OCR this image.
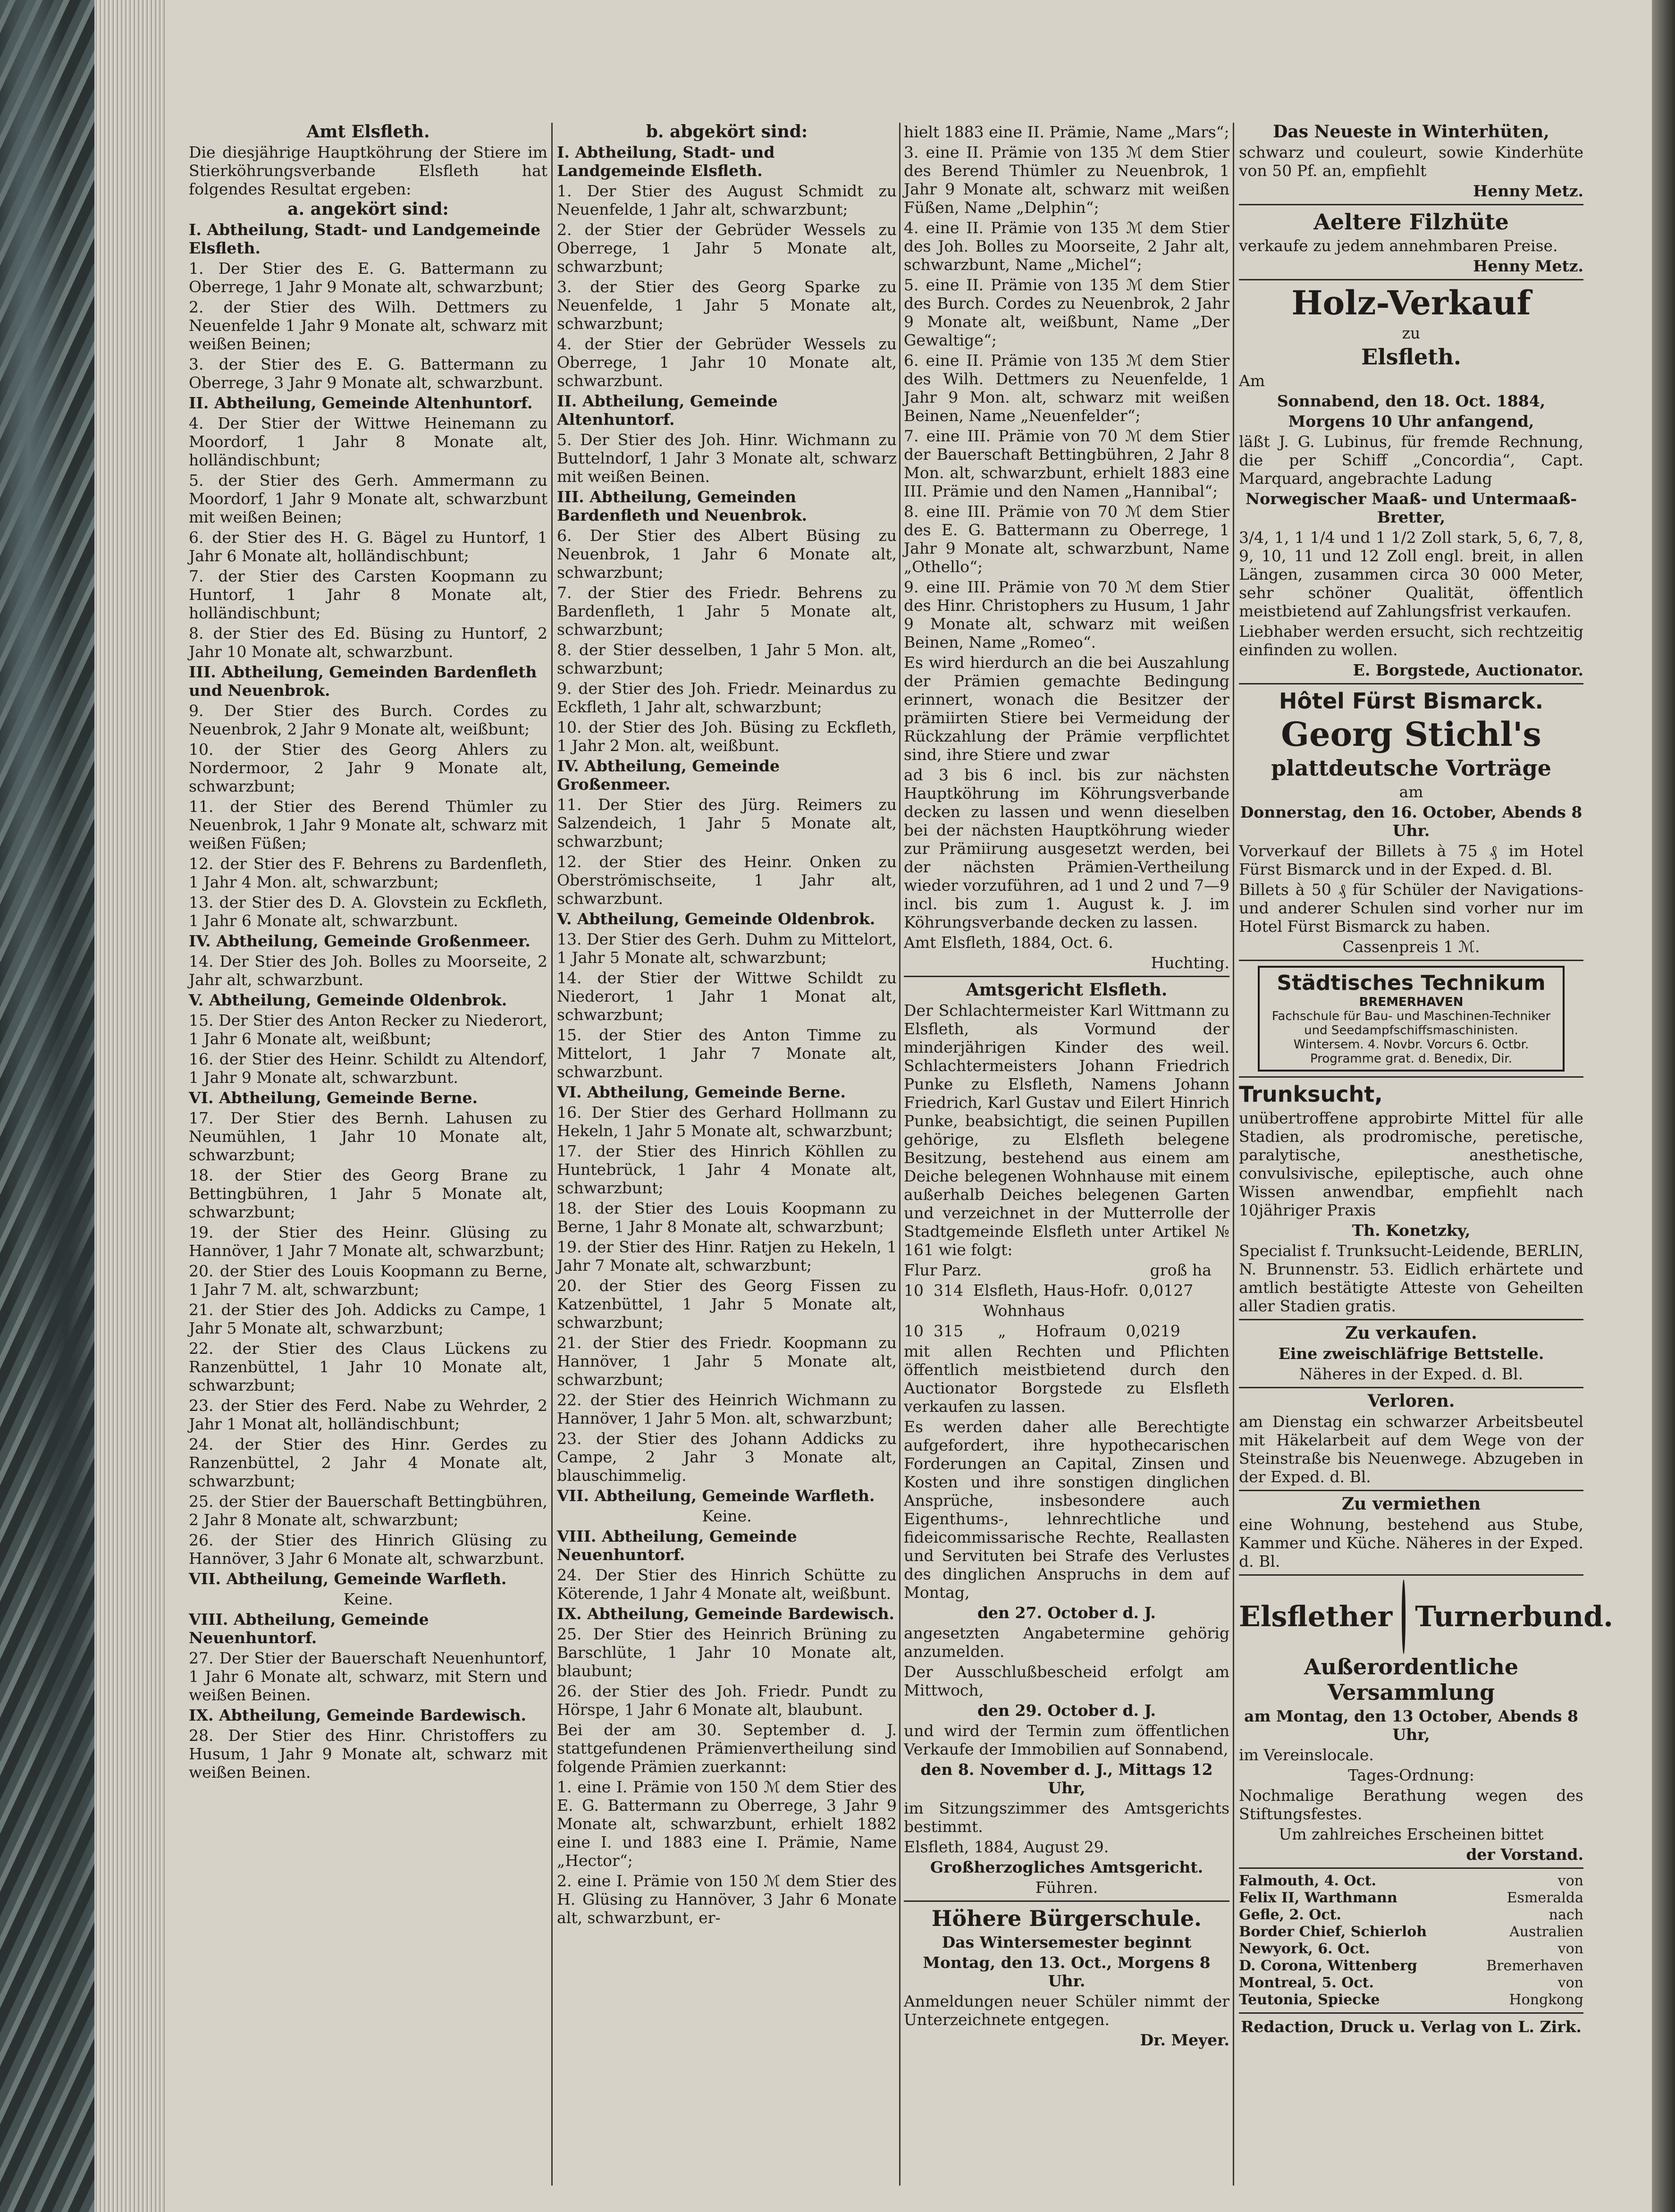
Amt Elsfleth.

Die diesjährige Hauptköhrung der Stiere im Stierköhrungsverbande Elsfleth hat folgendes Resultat ergeben:

a. angekört sind:

I. Abtheilung, Stadt- und Landgemeinde Elsfleth.

1. Der Stier des E. G. Battermann zu Oberrege, 1 Jahr 9 Monate alt, schwarzbunt;

2. der Stier des Wilh. Dettmers zu Neuenfelde 1 Jahr 9 Monate alt, schwarz mit weißen Beinen;

3. der Stier des E. G. Battermann zu Oberrege, 3 Jahr 9 Monate alt, schwarzbunt.

II. Abtheilung, Gemeinde Altenhuntorf.

4. Der Stier der Wittwe Heinemann zu Moordorf, 1 Jahr 8 Monate alt, holländischbunt;

5. der Stier des Gerh. Ammermann zu Moordorf, 1 Jahr 9 Monate alt, schwarzbunt mit weißen Beinen;

6. der Stier des H. G. Bägel zu Huntorf, 1 Jahr 6 Monate alt, holländischbunt;

7. der Stier des Carsten Koopmann zu Huntorf, 1 Jahr 8 Monate alt, holländischbunt;

8. der Stier des Ed. Büsing zu Huntorf, 2 Jahr 10 Monate alt, schwarzbunt.

III. Abtheilung, Gemeinden Bardenfleth und Neuenbrok.

9. Der Stier des Burch. Cordes zu Neuenbrok, 2 Jahr 9 Monate alt, weißbunt;

10. der Stier des Georg Ahlers zu Nordermoor, 2 Jahr 9 Monate alt, schwarzbunt;

11. der Stier des Berend Thümler zu Neuenbrok, 1 Jahr 9 Monate alt, schwarz mit weißen Füßen;

12. der Stier des F. Behrens zu Bardenfleth, 1 Jahr 4 Mon. alt, schwarzbunt;

13. der Stier des D. A. Glovstein zu Eckfleth, 1 Jahr 6 Monate alt, schwarzbunt.

IV. Abtheilung, Gemeinde Großenmeer.

14. Der Stier des Joh. Bolles zu Moorseite, 2 Jahr alt, schwarzbunt.

V. Abtheilung, Gemeinde Oldenbrok.

15. Der Stier des Anton Recker zu Niederort, 1 Jahr 6 Monate alt, weißbunt;

16. der Stier des Heinr. Schildt zu Altendorf, 1 Jahr 9 Monate alt, schwarzbunt.

VI. Abtheilung, Gemeinde Berne.

17. Der Stier des Bernh. Lahusen zu Neumühlen, 1 Jahr 10 Monate alt, schwarzbunt;

18. der Stier des Georg Brane zu Bettingbühren, 1 Jahr 5 Monate alt, schwarzbunt;

19. der Stier des Heinr. Glüsing zu Hannöver, 1 Jahr 7 Monate alt, schwarzbunt;

20. der Stier des Louis Koopmann zu Berne, 1 Jahr 7 M. alt, schwarzbunt;

21. der Stier des Joh. Addicks zu Campe, 1 Jahr 5 Monate alt, schwarzbunt;

22. der Stier des Claus Lückens zu Ranzenbüttel, 1 Jahr 10 Monate alt, schwarzbunt;

23. der Stier des Ferd. Nabe zu Wehrder, 2 Jahr 1 Monat alt, holländischbunt;

24. der Stier des Hinr. Gerdes zu Ranzenbüttel, 2 Jahr 4 Monate alt, schwarzbunt;

25. der Stier der Bauerschaft Bettingbühren, 2 Jahr 8 Monate alt, schwarzbunt;

26. der Stier des Hinrich Glüsing zu Hannöver, 3 Jahr 6 Monate alt, schwarzbunt.

VII. Abtheilung, Gemeinde Warfleth.

Keine.

VIII. Abtheilung, Gemeinde Neuenhuntorf.

27. Der Stier der Bauerschaft Neuenhuntorf, 1 Jahr 6 Monate alt, schwarz, mit Stern und weißen Beinen.

IX. Abtheilung, Gemeinde Bardewisch.

28. Der Stier des Hinr. Christoffers zu Husum, 1 Jahr 9 Monate alt, schwarz mit weißen Beinen.

b. abgekört sind:

I. Abtheilung, Stadt- und Landgemeinde Elsfleth.

1. Der Stier des August Schmidt zu Neuenfelde, 1 Jahr alt, schwarzbunt;

2. der Stier der Gebrüder Wessels zu Oberrege, 1 Jahr 5 Monate alt, schwarzbunt;

3. der Stier des Georg Sparke zu Neuenfelde, 1 Jahr 5 Monate alt, schwarzbunt;

4. der Stier der Gebrüder Wessels zu Oberrege, 1 Jahr 10 Monate alt, schwarzbunt.

II. Abtheilung, Gemeinde Altenhuntorf.

5. Der Stier des Joh. Hinr. Wichmann zu Buttelndorf, 1 Jahr 3 Monate alt, schwarz mit weißen Beinen.

III. Abtheilung, Gemeinden Bardenfleth und Neuenbrok.

6. Der Stier des Albert Büsing zu Neuenbrok, 1 Jahr 6 Monate alt, schwarzbunt;

7. der Stier des Friedr. Behrens zu Bardenfleth, 1 Jahr 5 Monate alt, schwarzbunt;

8. der Stier desselben, 1 Jahr 5 Mon. alt, schwarzbunt;

9. der Stier des Joh. Friedr. Meinardus zu Eckfleth, 1 Jahr alt, schwarzbunt;

10. der Stier des Joh. Büsing zu Eckfleth, 1 Jahr 2 Mon. alt, weißbunt.

IV. Abtheilung, Gemeinde Großenmeer.

11. Der Stier des Jürg. Reimers zu Salzendeich, 1 Jahr 5 Monate alt, schwarzbunt;

12. der Stier des Heinr. Onken zu Oberströmischseite, 1 Jahr alt, schwarzbunt.

V. Abtheilung, Gemeinde Oldenbrok.

13. Der Stier des Gerh. Duhm zu Mittelort, 1 Jahr 5 Monate alt, schwarzbunt;

14. der Stier der Wittwe Schildt zu Niederort, 1 Jahr 1 Monat alt, schwarzbunt;

15. der Stier des Anton Timme zu Mittelort, 1 Jahr 7 Monate alt, schwarzbunt.

VI. Abtheilung, Gemeinde Berne.

16. Der Stier des Gerhard Hollmann zu Hekeln, 1 Jahr 5 Monate alt, schwarzbunt;

17. der Stier des Hinrich Köhllen zu Huntebrück, 1 Jahr 4 Monate alt, schwarzbunt;

18. der Stier des Louis Koopmann zu Berne, 1 Jahr 8 Monate alt, schwarzbunt;

19. der Stier des Hinr. Ratjen zu Hekeln, 1 Jahr 7 Monate alt, schwarzbunt;

20. der Stier des Georg Fissen zu Katzenbüttel, 1 Jahr 5 Monate alt, schwarzbunt;

21. der Stier des Friedr. Koopmann zu Hannöver, 1 Jahr 5 Monate alt, schwarzbunt;

22. der Stier des Heinrich Wichmann zu Hannöver, 1 Jahr 5 Mon. alt, schwarzbunt;

23. der Stier des Johann Addicks zu Campe, 2 Jahr 3 Monate alt, blauschimmelig.

VII. Abtheilung, Gemeinde Warfleth.

Keine.

VIII. Abtheilung, Gemeinde Neuenhuntorf.

24. Der Stier des Hinrich Schütte zu Köterende, 1 Jahr 4 Monate alt, weißbunt.

IX. Abtheilung, Gemeinde Bardewisch.

25. Der Stier des Heinrich Brüning zu Barschlüte, 1 Jahr 10 Monate alt, blaubunt;

26. der Stier des Joh. Friedr. Pundt zu Hörspe, 1 Jahr 6 Monate alt, blaubunt.

Bei der am 30. September d. J. stattgefundenen Prämienvertheilung sind folgende Prämien zuerkannt:

1. eine I. Prämie von 150 ℳ dem Stier des E. G. Battermann zu Oberrege, 3 Jahr 9 Monate alt, schwarzbunt, erhielt 1882 eine I. und 1883 eine I. Prämie, Name „Hector“;

2. eine I. Prämie von 150 ℳ dem Stier des H. Glüsing zu Hannöver, 3 Jahr 6 Monate alt, schwarzbunt, er-

hielt 1883 eine II. Prämie, Name „Mars“;

3. eine II. Prämie von 135 ℳ dem Stier des Berend Thümler zu Neuenbrok, 1 Jahr 9 Monate alt, schwarz mit weißen Füßen, Name „Delphin“;

4. eine II. Prämie von 135 ℳ dem Stier des Joh. Bolles zu Moorseite, 2 Jahr alt, schwarzbunt, Name „Michel“;

5. eine II. Prämie von 135 ℳ dem Stier des Burch. Cordes zu Neuenbrok, 2 Jahr 9 Monate alt, weißbunt, Name „Der Gewaltige“;

6. eine II. Prämie von 135 ℳ dem Stier des Wilh. Dettmers zu Neuenfelde, 1 Jahr 9 Mon. alt, schwarz mit weißen Beinen, Name „Neuenfelder“;

7. eine III. Prämie von 70 ℳ dem Stier der Bauerschaft Bettingbühren, 2 Jahr 8 Mon. alt, schwarzbunt, erhielt 1883 eine III. Prämie und den Namen „Hannibal“;

8. eine III. Prämie von 70 ℳ dem Stier des E. G. Battermann zu Oberrege, 1 Jahr 9 Monate alt, schwarzbunt, Name „Othello“;

9. eine III. Prämie von 70 ℳ dem Stier des Hinr. Christophers zu Husum, 1 Jahr 9 Monate alt, schwarz mit weißen Beinen, Name „Romeo“.

Es wird hierdurch an die bei Auszahlung der Prämien gemachte Bedingung erinnert, wonach die Besitzer der prämiirten Stiere bei Vermeidung der Rückzahlung der Prämie verpflichtet sind, ihre Stiere und zwar

ad 3 bis 6 incl. bis zur nächsten Hauptköhrung im Köhrungsverbande decken zu lassen und wenn dieselben bei der nächsten Hauptköhrung wieder zur Prämiirung ausgesetzt werden, bei der nächsten Prämien-Vertheilung wieder vorzuführen, ad 1 und 2 und 7—9 incl. bis zum 1. August k. J. im Köhrungsverbande decken zu lassen.

Amt Elsfleth, 1884, Oct. 6.

Huchting.

Amtsgericht Elsfleth.

Der Schlachtermeister Karl Wittmann zu Elsfleth, als Vormund der minderjährigen Kinder des weil. Schlachtermeisters Johann Friedrich Punke zu Elsfleth, Namens Johann Friedrich, Karl Gustav und Eilert Hinrich Punke, beabsichtigt, die seinen Pupillen gehörige, zu Elsfleth belegene Besitzung, bestehend aus einem am Deiche belegenen Wohnhause mit einem außerhalb Deiches belegenen Garten und verzeichnet in der Mutterrolle der Stadtgemeinde Elsfleth unter Artikel № 161 wie folgt:

Flur Parz.                                  groß ha

10  314  Elsfleth, Haus-Hofr.  0,0127

Wohnhaus

10  315       „      Hofraum    0,0219

mit allen Rechten und Pflichten öffentlich meistbietend durch den Auctionator Borgstede zu Elsfleth verkaufen zu lassen.

Es werden daher alle Berechtigte aufgefordert, ihre hypothecarischen Forderungen an Capital, Zinsen und Kosten und ihre sonstigen dinglichen Ansprüche, insbesondere auch Eigenthums-, lehnrechtliche und fideicommissarische Rechte, Reallasten und Servituten bei Strafe des Verlustes des dinglichen Anspruchs in dem auf Montag,

den 27. October d. J.

angesetzten Angabetermine gehörig anzumelden.

Der Ausschlußbescheid erfolgt am Mittwoch,

den 29. October d. J.

und wird der Termin zum öffentlichen Verkaufe der Immobilien auf Sonnabend,

den 8. November d. J., Mittags 12 Uhr,

im Sitzungszimmer des Amtsgerichts bestimmt.

Elsfleth, 1884, August 29.

Großherzogliches Amtsgericht.

Führen.

Höhere Bürgerschule.

Das Wintersemester beginnt

Montag, den 13. Oct., Morgens 8 Uhr.

Anmeldungen neuer Schüler nimmt der Unterzeichnete entgegen.

Dr. Meyer.

Das Neueste in Winterhüten,

schwarz und couleurt, sowie Kinderhüte von 50 Pf. an, empfiehlt

Henny Metz.

Aeltere Filzhüte

verkaufe zu jedem annehmbaren Preise.

Henny Metz.

Holz-Verkauf

zu

Elsfleth.

Am

Sonnabend, den 18. Oct. 1884,

Morgens 10 Uhr anfangend,

läßt J. G. Lubinus, für fremde Rechnung, die per Schiff „Concordia“, Capt. Marquard, angebrachte Ladung

Norwegischer Maaß- und Untermaaß-Bretter,

3/4, 1, 1 1/4 und 1 1/2 Zoll stark, 5, 6, 7, 8, 9, 10, 11 und 12 Zoll engl. breit, in allen Längen, zusammen circa 30 000 Meter, sehr schöner Qualität, öffentlich meistbietend auf Zahlungsfrist verkaufen.

Liebhaber werden ersucht, sich rechtzeitig einfinden zu wollen.

E. Borgstede, Auctionator.

Hôtel Fürst Bismarck.

Georg Stichl's

plattdeutsche Vorträge

am

Donnerstag, den 16. October, Abends 8 Uhr.

Vorverkauf der Billets à 75 ₰ im Hotel Fürst Bismarck und in der Exped. d. Bl.

Billets à 50 ₰ für Schüler der Navigations- und anderer Schulen sind vorher nur im Hotel Fürst Bismarck zu haben.

Cassenpreis 1 ℳ.

Städtisches Technikum
BREMERHAVEN
Fachschule für Bau- und Maschinen-Techniker und Seedampfschiffsmaschinisten.
Wintersem. 4. Novbr. Vorcurs 6. Octbr.
Programme grat. d. Benedix, Dir.

Trunksucht,

unübertroffene approbirte Mittel für alle Stadien, als prodromische, peretische, paralytische, anesthetische, convulsivische, epileptische, auch ohne Wissen anwendbar, empfiehlt nach 10jähriger Praxis

Th. Konetzky,

Specialist f. Trunksucht-Leidende, BERLIN, N. Brunnenstr. 53. Eidlich erhärtete und amtlich bestätigte Atteste von Geheilten aller Stadien gratis.

Zu verkaufen.

Eine zweischläfrige Bettstelle.

Näheres in der Exped. d. Bl.

Verloren.

am Dienstag ein schwarzer Arbeitsbeutel mit Häkelarbeit auf dem Wege von der Steinstraße bis Neuenwege. Abzugeben in der Exped. d. Bl.

Zu vermiethen

eine Wohnung, bestehend aus Stube, Kammer und Küche. Näheres in der Exped. d. Bl.

Elsflether Turnerbund.

Außerordentliche Versammlung

am Montag, den 13 October, Abends 8 Uhr,

im Vereinslocale.

Tages-Ordnung:

Nochmalige Berathung wegen des Stiftungsfestes.

Um zahlreiches Erscheinen bittet

der Vorstand.

Falmouth, 4. Oct.	von
Felix II, Warthmann	Esmeralda
Gefle, 2. Oct.	nach
Border Chief, Schierloh	Australien
Newyork, 6. Oct.	von
D. Corona, Wittenberg	Bremerhaven
Montreal, 5. Oct.	von
Teutonia, Spiecke	Hongkong

Redaction, Druck u. Verlag von L. Zirk.
